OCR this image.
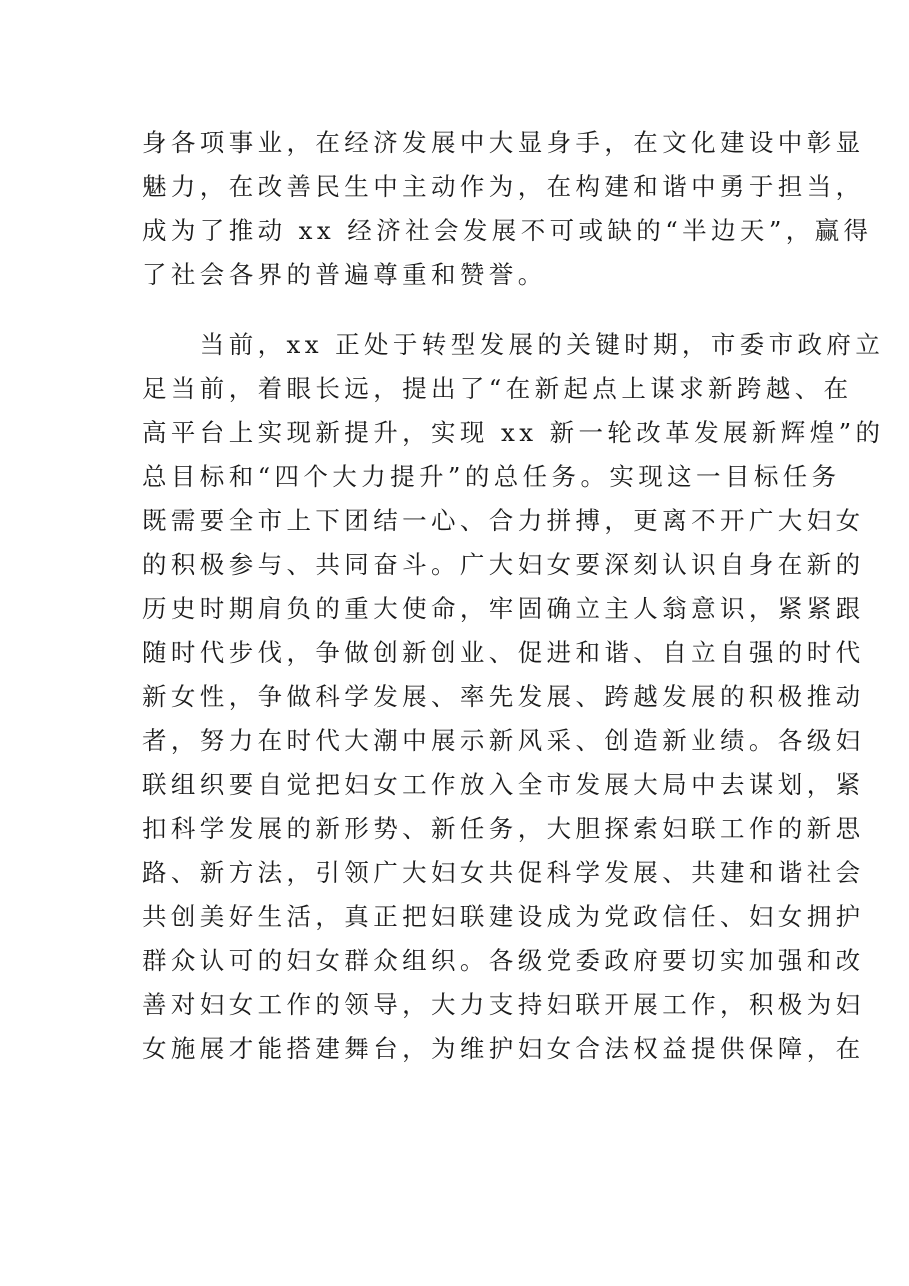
身各项事业，在经济发展中大显身手，在文化建设中彰显
魅力，在改善民生中主动作为，在构建和谐中勇于担当，
成为了推动 xx 经济社会发展不可或缺的“半边天”，赢得
了社会各界的普遍尊重和赞誉。
　　当前，xx 正处于转型发展的关键时期，市委市政府立
足当前，着眼长远，提出了“在新起点上谋求新跨越、在
高平台上实现新提升，实现 xx 新一轮改革发展新辉煌”的
总目标和“四个大力提升”的总任务。实现这一目标任务
既需要全市上下团结一心、合力拼搏，更离不开广大妇女
的积极参与、共同奋斗。广大妇女要深刻认识自身在新的
历史时期肩负的重大使命，牢固确立主人翁意识，紧紧跟
随时代步伐，争做创新创业、促进和谐、自立自强的时代
新女性，争做科学发展、率先发展、跨越发展的积极推动
者，努力在时代大潮中展示新风采、创造新业绩。各级妇
联组织要自觉把妇女工作放入全市发展大局中去谋划，紧
扣科学发展的新形势、新任务，大胆探索妇联工作的新思
路、新方法，引领广大妇女共促科学发展、共建和谐社会
共创美好生活，真正把妇联建设成为党政信任、妇女拥护
群众认可的妇女群众组织。各级党委政府要切实加强和改
善对妇女工作的领导，大力支持妇联开展工作，积极为妇
女施展才能搭建舞台，为维护妇女合法权益提供保障，在
